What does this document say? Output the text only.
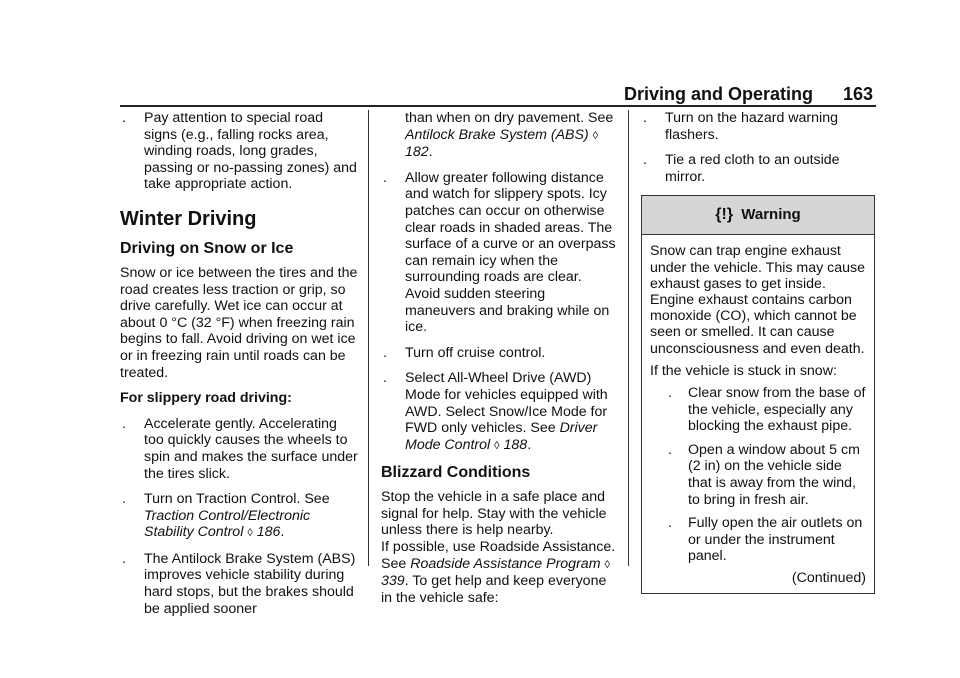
Driving and Operating 163
. Pay attention to special road signs (e.g., falling rocks area, winding roads, long grades, passing or no-passing zones) and take appropriate action.
Winter Driving
Driving on Snow or Ice

Snow or ice between the tires and the road creates less traction or grip, so drive carefully. Wet ice can occur at about 0 °C (32 °F) when freezing rain begins to fall. Avoid driving on wet ice or in freezing rain until roads can be treated.

For slippery road driving:

. Accelerate gently. Accelerating too quickly causes the wheels to spin and makes the surface under the tires slick.
. Turn on Traction Control. See Traction Control/Electronic Stability Control ◊ 186.
. The Antilock Brake System (ABS) improves vehicle stability during hard stops, but the brakes should be applied sooner

than when on dry pavement. See Antilock Brake System (ABS) ◊ 182.

. Allow greater following distance and watch for slippery spots. Icy patches can occur on otherwise clear roads in shaded areas. The surface of a curve or an overpass can remain icy when the surrounding roads are clear. Avoid sudden steering maneuvers and braking while on ice.
. Turn off cruise control.
. Select All-Wheel Drive (AWD) Mode for vehicles equipped with AWD. Select Snow/Ice Mode for FWD only vehicles. See Driver Mode Control ◊ 188.
Blizzard Conditions

Stop the vehicle in a safe place and signal for help. Stay with the vehicle unless there is help nearby.

If possible, use Roadside Assistance. See Roadside Assistance Program ◊ 339. To get help and keep everyone in the vehicle safe:

. Turn on the hazard warning flashers.
. Tie a red cloth to an outside mirror.
{!} Warning

Snow can trap engine exhaust under the vehicle. This may cause exhaust gases to get inside. Engine exhaust contains carbon monoxide (CO), which cannot be seen or smelled. It can cause unconsciousness and even death.

If the vehicle is stuck in snow:

. Clear snow from the base of the vehicle, especially any blocking the exhaust pipe.
. Open a window about 5 cm (2 in) on the vehicle side that is away from the wind, to bring in fresh air.
. Fully open the air outlets on or under the instrument panel.
(Continued)
